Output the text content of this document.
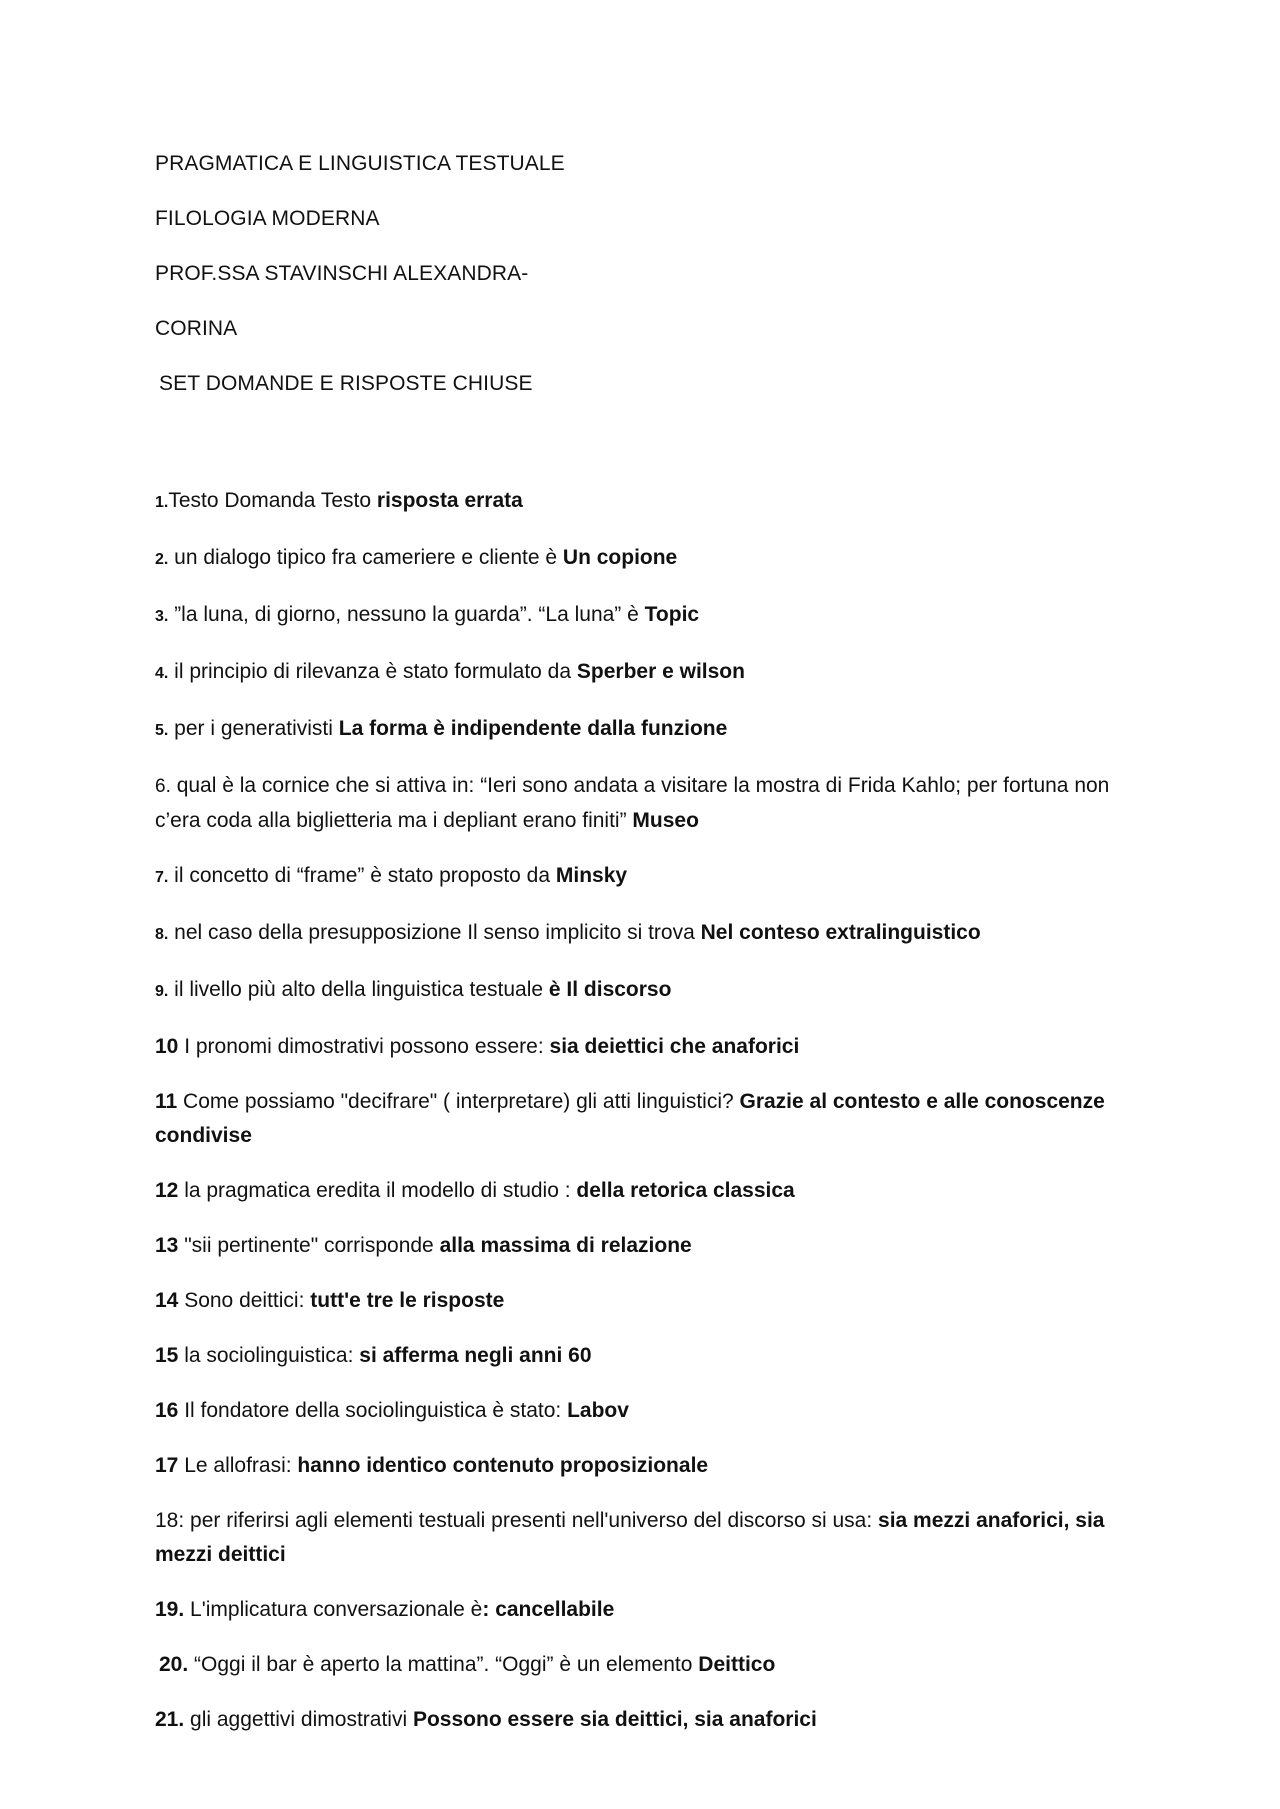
PRAGMATICA E LINGUISTICA TESTUALE
FILOLOGIA MODERNA
PROF.SSA STAVINSCHI ALEXANDRA-
CORINA
SET DOMANDE E RISPOSTE CHIUSE
1.Testo Domanda Testo risposta errata
2. un dialogo tipico fra cameriere e cliente è Un copione
3. ”la luna, di giorno, nessuno la guarda”. “La luna” è Topic
4. il principio di rilevanza è stato formulato da Sperber e wilson
5. per i generativisti La forma è indipendente dalla funzione
6. qual è la cornice che si attiva in: “Ieri sono andata a visitare la mostra di Frida Kahlo; per fortuna non c’era coda alla biglietteria ma i depliant erano finiti” Museo
7. il concetto di “frame” è stato proposto da Minsky
8. nel caso della presupposizione Il senso implicito si trova Nel conteso extralinguistico
9. il livello più alto della linguistica testuale è Il discorso
10 I pronomi dimostrativi possono essere: sia deiettici che anaforici
11 Come possiamo "decifrare" ( interpretare) gli atti linguistici? Grazie al contesto e alle conoscenze condivise
12 la pragmatica eredita il modello di studio : della retorica classica
13 "sii pertinente" corrisponde alla massima di relazione
14 Sono deittici: tutt'e tre le risposte
15 la sociolinguistica: si afferma negli anni 60
16 Il fondatore della sociolinguistica è stato: Labov
17 Le allofrasi: hanno identico contenuto proposizionale
18: per riferirsi agli elementi testuali presenti nell'universo del discorso si usa: sia mezzi anaforici, sia mezzi deittici
19. L'implicatura conversazionale è: cancellabile
20. “Oggi il bar è aperto la mattina”. “Oggi” è un elemento Deittico
21. gli aggettivi dimostrativi Possono essere sia deittici, sia anaforici
